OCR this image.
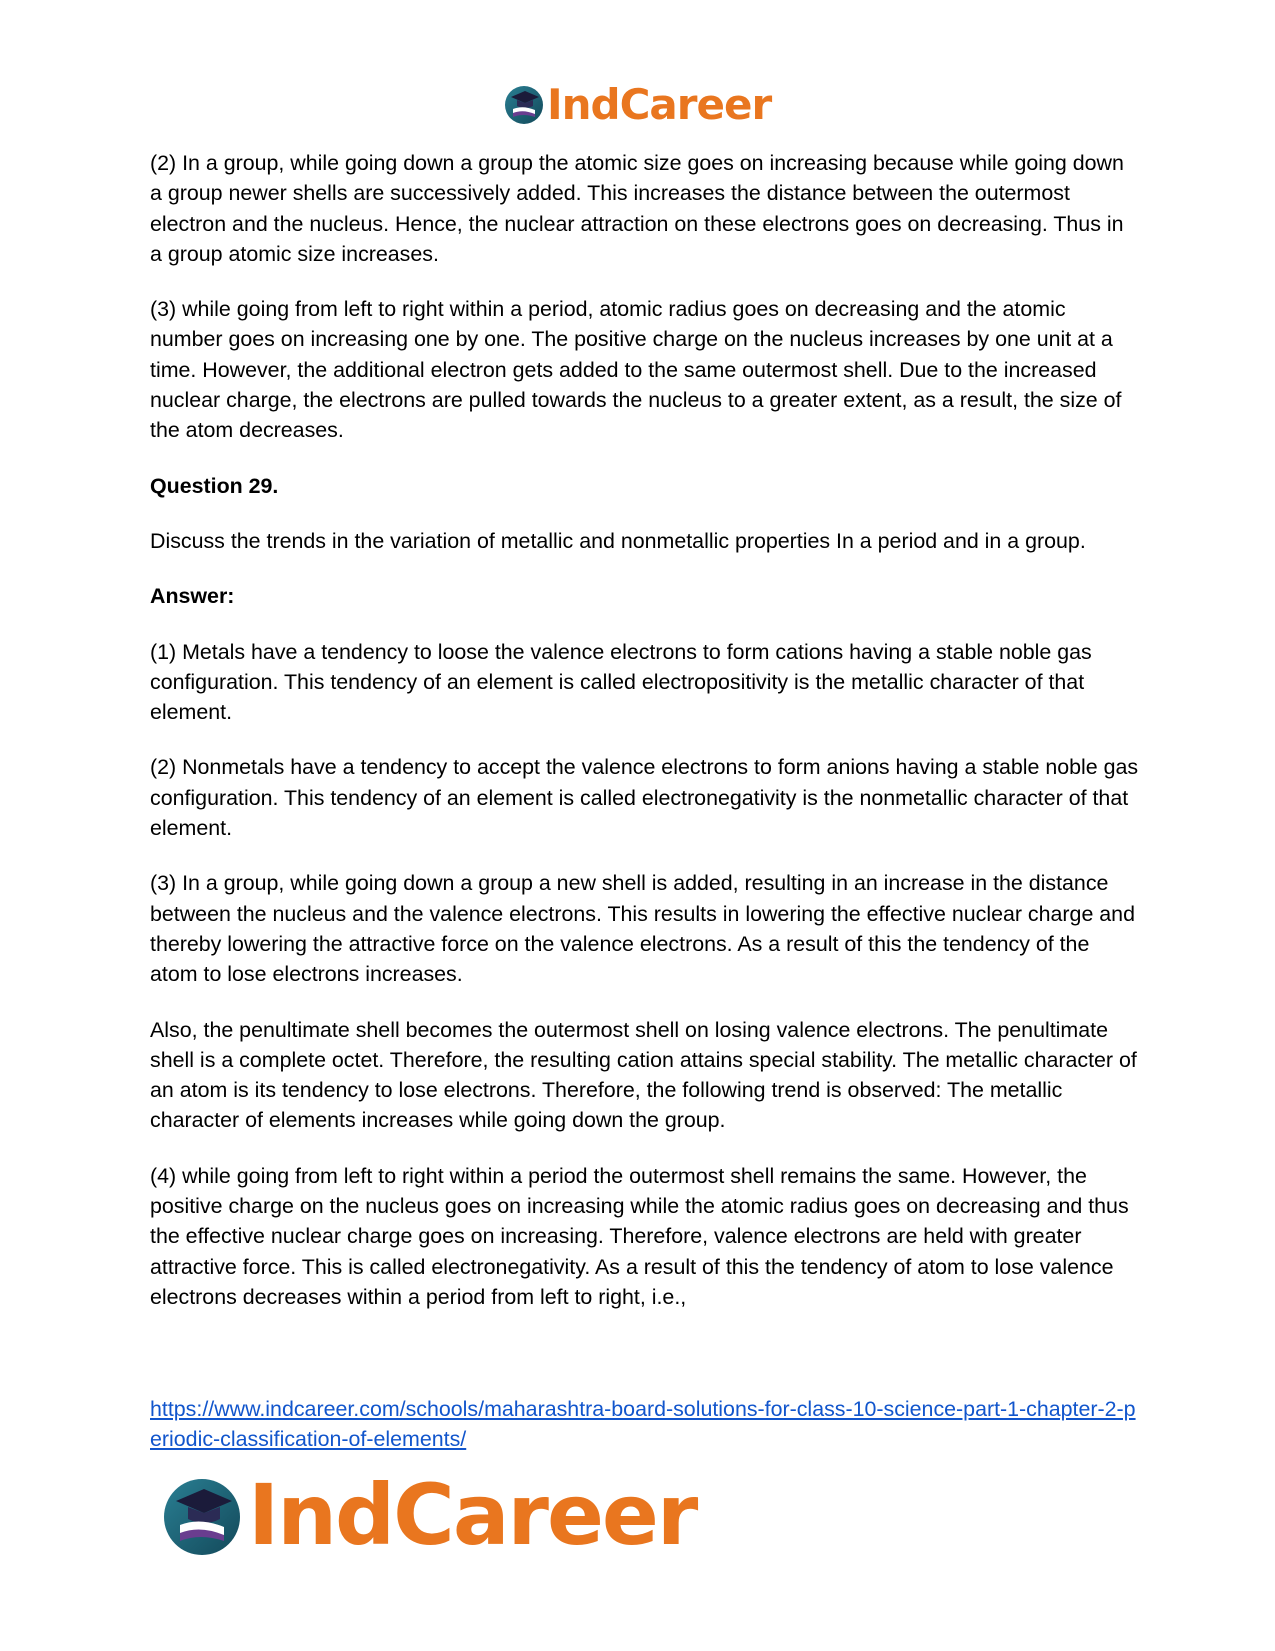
IndCareer

(2) In a group, while going down a group the atomic size goes on increasing because while going down a group newer shells are successively added. This increases the distance between the outermost electron and the nucleus. Hence, the nuclear attraction on these electrons goes on decreasing. Thus in a group atomic size increases.

(3) while going from left to right within a period, atomic radius goes on decreasing and the atomic number goes on increasing one by one. The positive charge on the nucleus increases by one unit at a time. However, the additional electron gets added to the same outermost shell. Due to the increased nuclear charge, the electrons are pulled towards the nucleus to a greater extent, as a result, the size of the atom decreases.

Question 29.

Discuss the trends in the variation of metallic and nonmetallic properties In a period and in a group.

Answer:

(1) Metals have a tendency to loose the valence electrons to form cations having a stable noble gas configuration. This tendency of an element is called electropositivity is the metallic character of that element.

(2) Nonmetals have a tendency to accept the valence electrons to form anions having a stable noble gas configuration. This tendency of an element is called electronegativity is the nonmetallic character of that element.

(3) In a group, while going down a group a new shell is added, resulting in an increase in the distance between the nucleus and the valence electrons. This results in lowering the effective nuclear charge and thereby lowering the attractive force on the valence electrons. As a result of this the tendency of the atom to lose electrons increases.

Also, the penultimate shell becomes the outermost shell on losing valence electrons. The penultimate shell is a complete octet. Therefore, the resulting cation attains special stability. The metallic character of an atom is its tendency to lose electrons. Therefore, the following trend is observed: The metallic character of elements increases while going down the group.

(4) while going from left to right within a period the outermost shell remains the same. However, the positive charge on the nucleus goes on increasing while the atomic radius goes on decreasing and thus the effective nuclear charge goes on increasing. Therefore, valence electrons are held with greater attractive force. This is called electronegativity. As a result of this the tendency of atom to lose valence electrons decreases within a period from left to right, i.e.,

https://www.indcareer.com/schools/maharashtra-board-solutions-for-class-10-science-part-1-chapter-2-periodic-classification-of-elements/
IndCareer
